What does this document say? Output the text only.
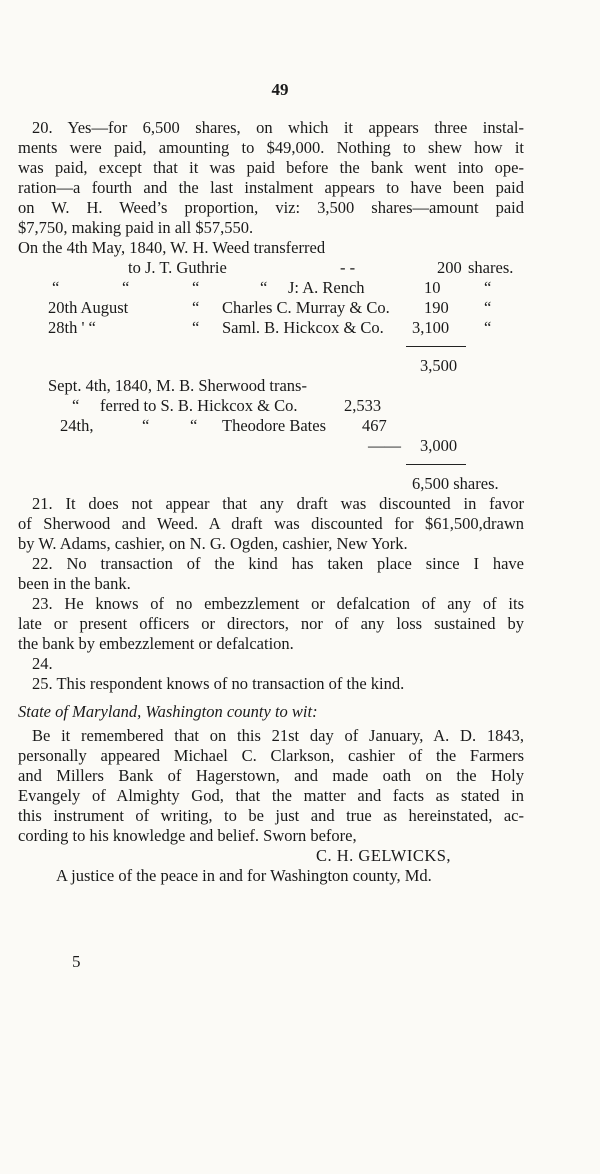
49
20. Yes—for 6,500 shares, on which it appears three instal-
ments were paid, amounting to $49,000. Nothing to shew how it
was paid, except that it was paid before the bank went into ope-
ration—a fourth and the last instalment appears to have been paid
on W. H. Weed’s proportion, viz: 3,500 shares—amount paid
$7,750, making paid in all $57,550.
On the 4th May, 1840, W. H. Weed transferred
to J. T. Guthrie	- -	200 shares.
“	“	“	“ J: A. Rench	10	“
20th August	“ Charles C. Murray & Co. 190 “
28th ' “	“ Saml. B. Hickcox & Co. 3,100 “
3,500
Sept. 4th, 1840, M. B. Sherwood trans-
“ ferred to S. B. Hickcox & Co.	2,533
24th,	“ “ Theodore Bates 467
—— 3,000
6,500 shares.
21. It does not appear that any draft was discounted in favor
of Sherwood and Weed. A draft was discounted for $61,500,drawn
by W. Adams, cashier, on N. G. Ogden, cashier, New York.
22. No transaction of the kind has taken place since I have
been in the bank.
23. He knows of no embezzlement or defalcation of any of its
late or present officers or directors, nor of any loss sustained by
the bank by embezzlement or defalcation.
24.
25. This respondent knows of no transaction of the kind.
State of Maryland, Washington county to wit:
Be it remembered that on this 21st day of January, A. D. 1843,
personally appeared Michael C. Clarkson, cashier of the Farmers
and Millers Bank of Hagerstown, and made oath on the Holy
Evangely of Almighty God, that the matter and facts as stated in
this instrument of writing, to be just and true as hereinstated, ac-
cording to his knowledge and belief. Sworn before,
C. H. GELWICKS,
A justice of the peace in and for Washington county, Md.
5
